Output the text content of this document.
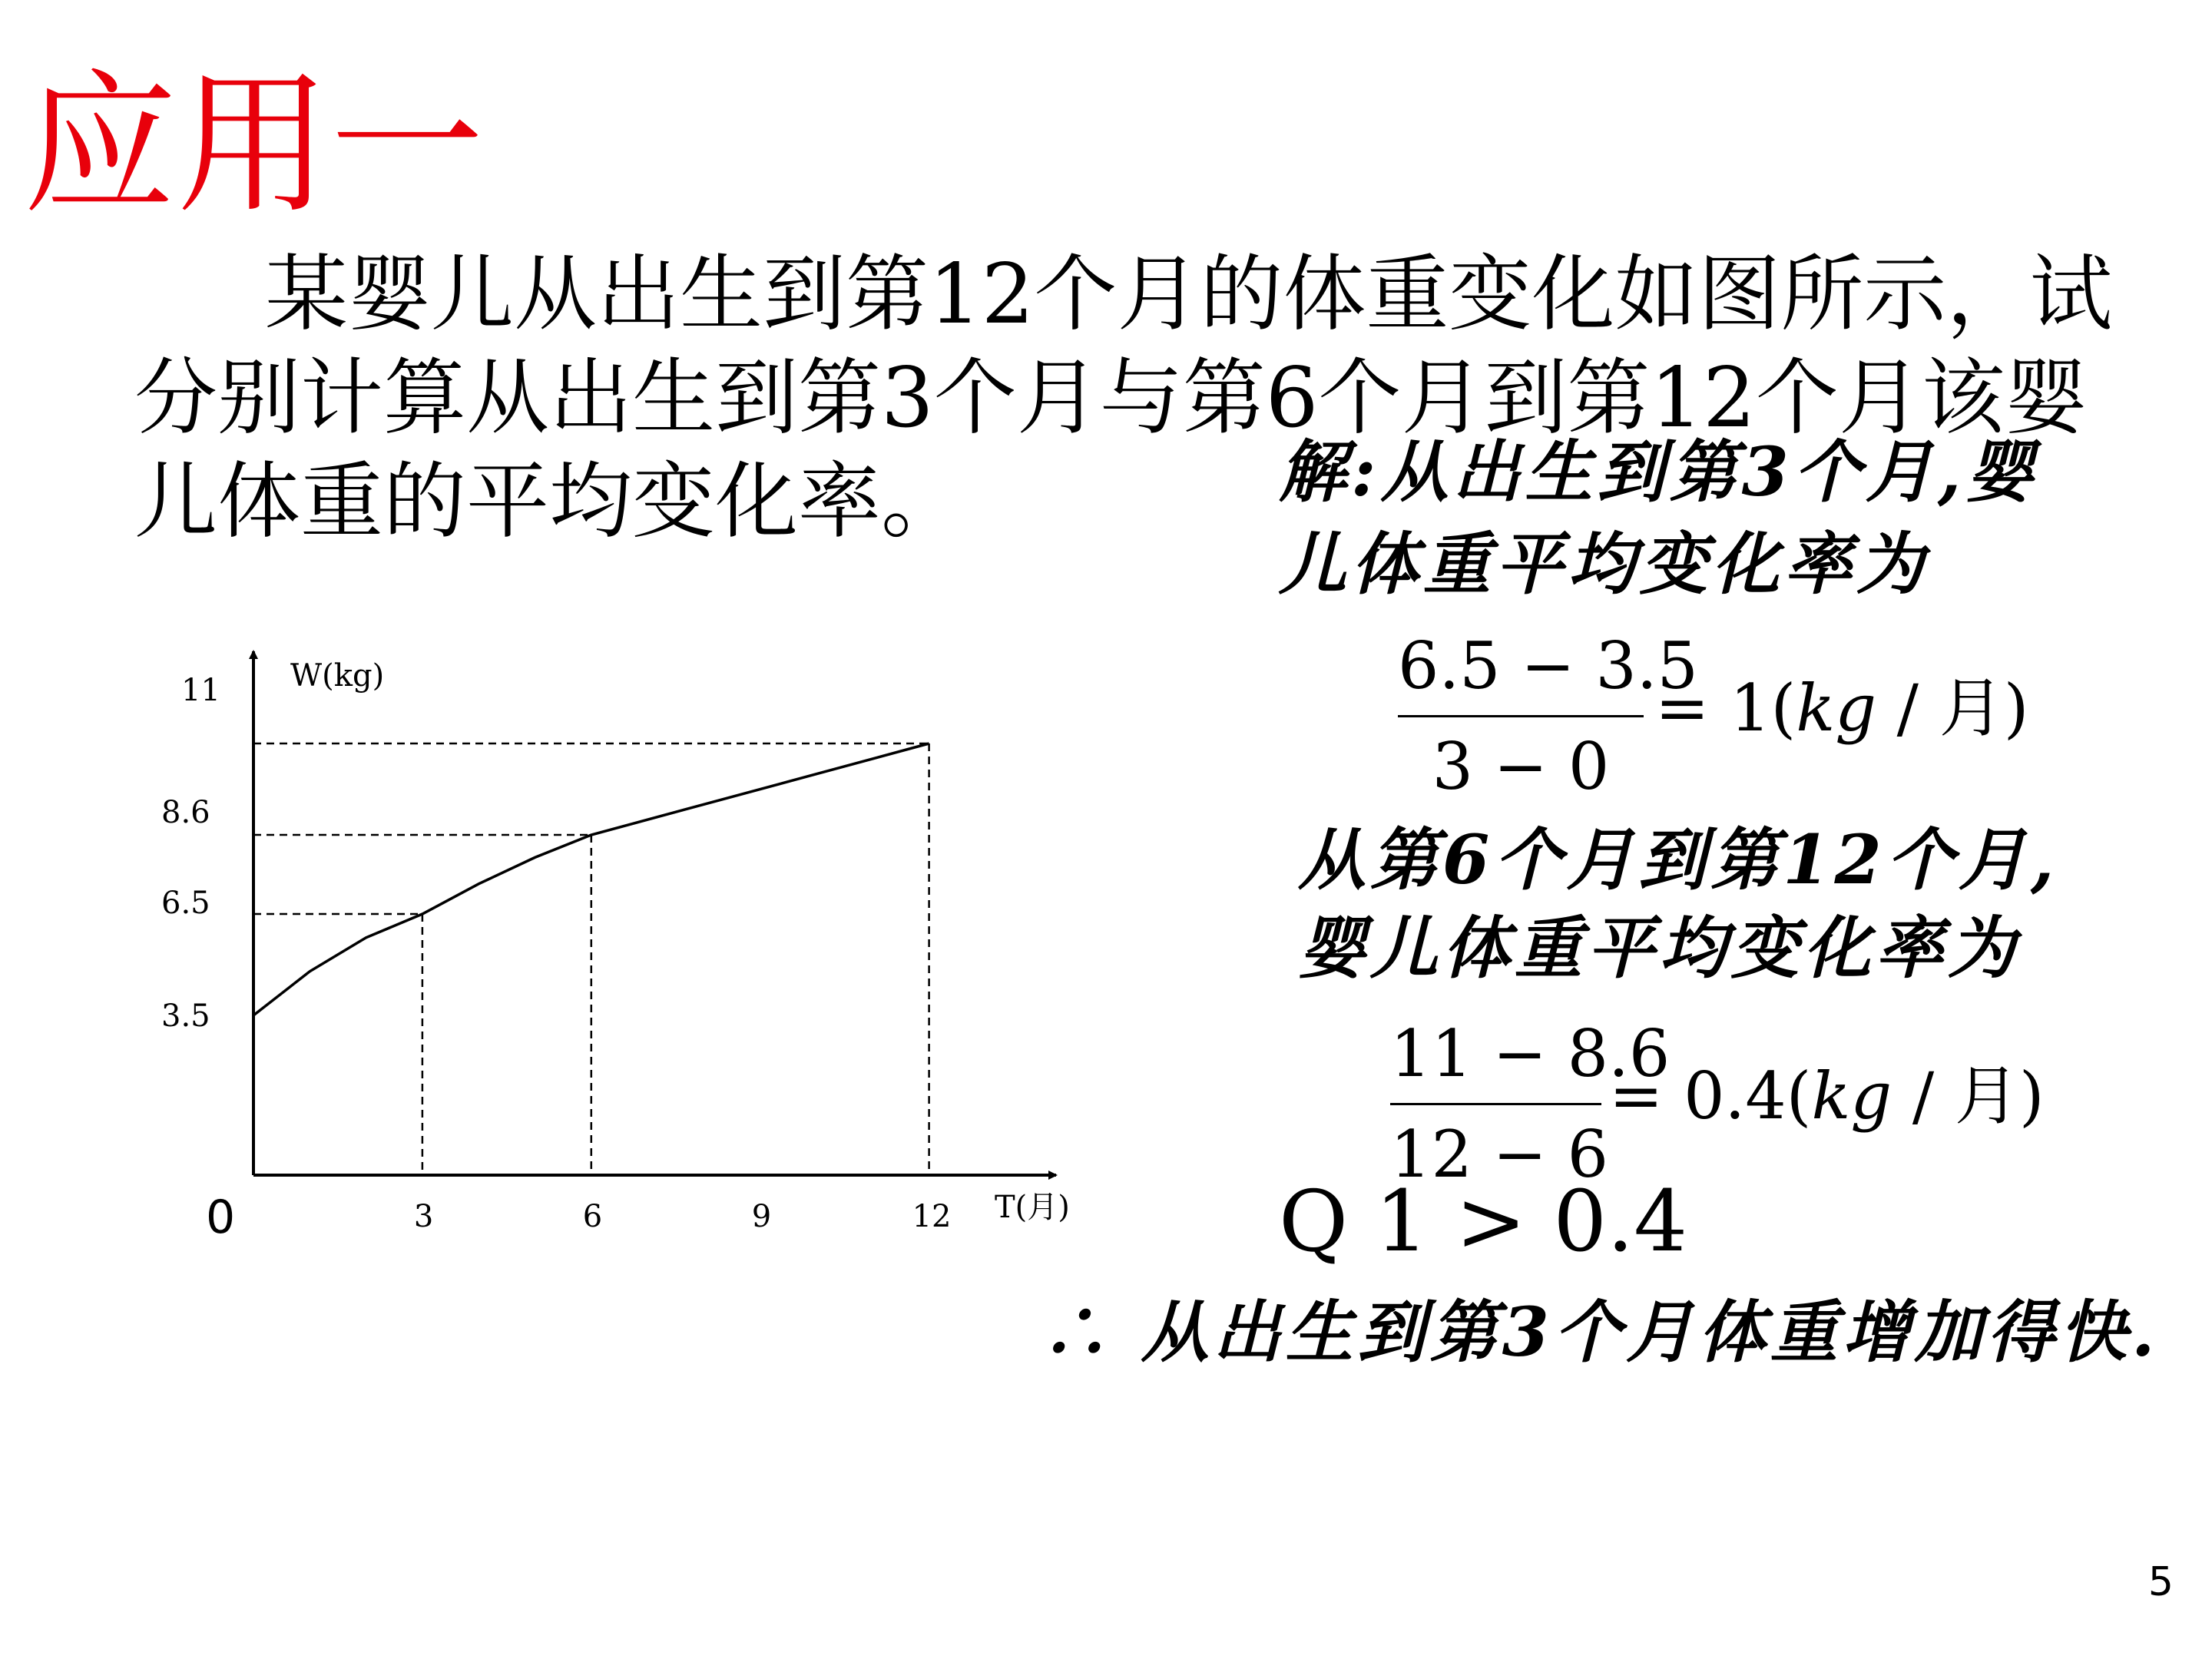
应用一

某婴儿从出生到第12个月的体重变化如图所示，试

分别计算从出生到第3个月与第6个月到第12个月该婴

儿体重的平均变化率。

3	6	9	12
3.5
6.5
8.6
11 W(kg)
T(月)
0

解:从出生到第3个月,婴

儿体重平均变化率为

6.5 − 3.5
3 − 0
= 1(kg / 月)

从第6个月到第12个月,

婴儿体重平均变化率为

11 − 8.6
12 − 6
= 0.4(kg / 月)
Q 1 > 0.4

∴ 从出生到第3个月体重增加得快.

5
